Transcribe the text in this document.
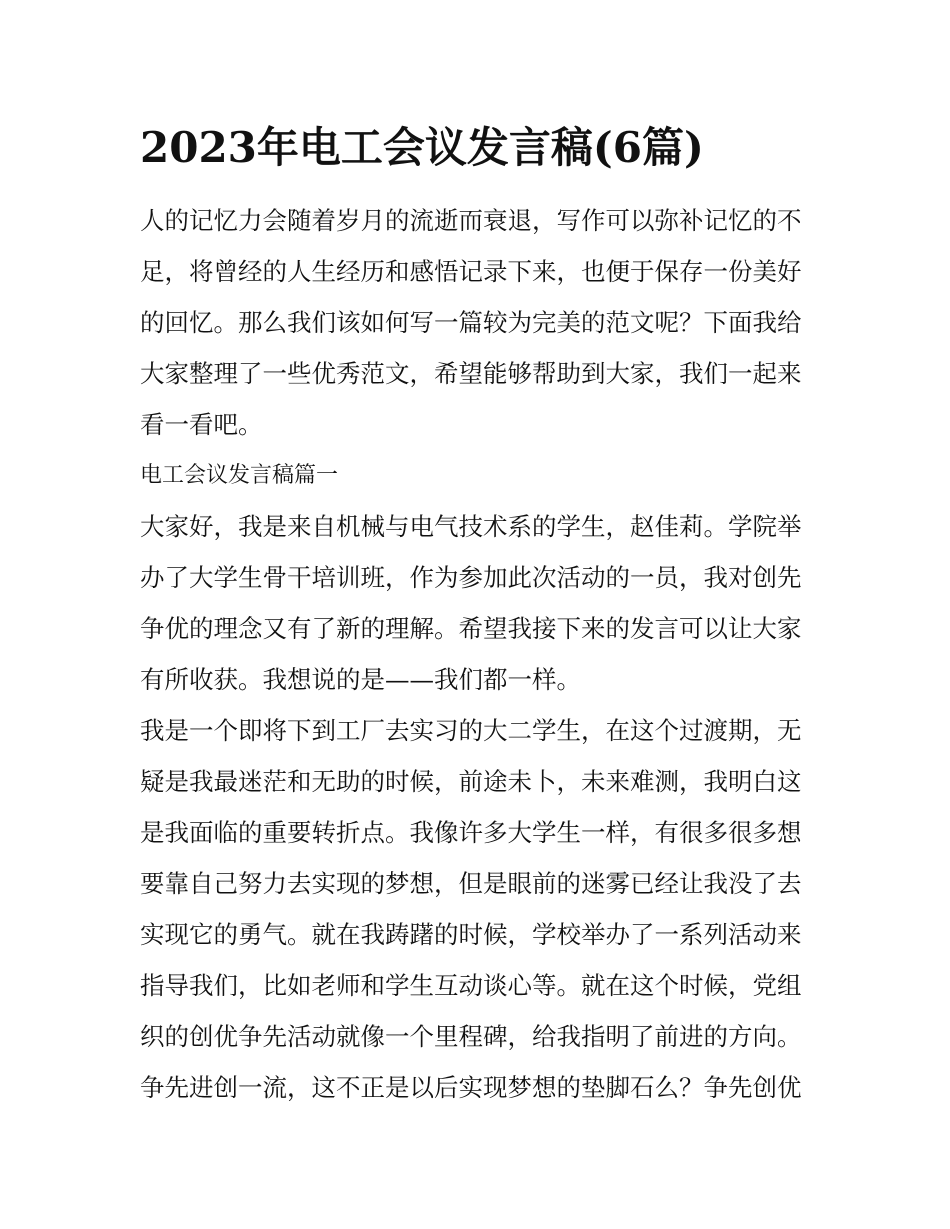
2023年电工会议发言稿(6篇)
人的记忆力会随着岁月的流逝而衰退，写作可以弥补记忆的不
足，将曾经的人生经历和感悟记录下来，也便于保存一份美好
的回忆。那么我们该如何写一篇较为完美的范文呢？下面我给
大家整理了一些优秀范文，希望能够帮助到大家，我们一起来
看一看吧。
电工会议发言稿篇一
大家好，我是来自机械与电气技术系的学生，赵佳莉。学院举
办了大学生骨干培训班，作为参加此次活动的一员，我对创先
争优的理念又有了新的理解。希望我接下来的发言可以让大家
有所收获。我想说的是——我们都一样。
我是一个即将下到工厂去实习的大二学生，在这个过渡期，无
疑是我最迷茫和无助的时候，前途未卜，未来难测，我明白这
是我面临的重要转折点。我像许多大学生一样，有很多很多想
要靠自己努力去实现的梦想，但是眼前的迷雾已经让我没了去
实现它的勇气。就在我踌躇的时候，学校举办了一系列活动来
指导我们，比如老师和学生互动谈心等。就在这个时候，党组
织的创优争先活动就像一个里程碑，给我指明了前进的方向。
争先进创一流，这不正是以后实现梦想的垫脚石么？争先创优
